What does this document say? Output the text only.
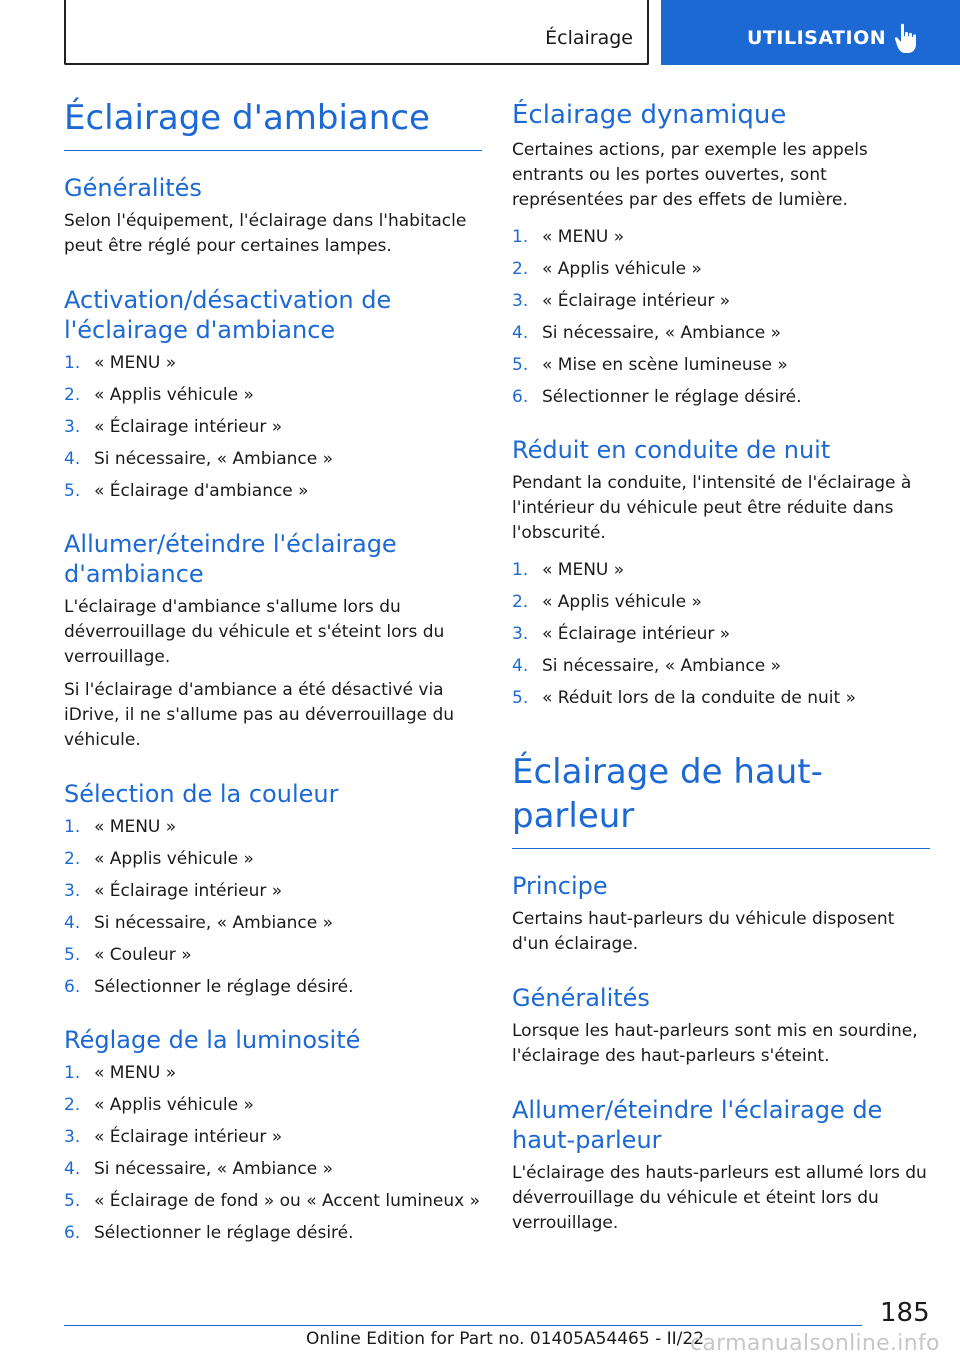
Éclairage	UTILISATION
Éclairage d'ambiance
Généralités

Selon l'équipement, l'éclairage dans l'habitacle peut être réglé pour certaines lampes.

Activation/désactivation de l'éclairage d'ambiance
1. « MENU »
2. « Applis véhicule »
3. « Éclairage intérieur »
4. Si nécessaire, « Ambiance »
5. « Éclairage d'ambiance »
Allumer/éteindre l'éclairage d'ambiance

L'éclairage d'ambiance s'allume lors du déverrouillage du véhicule et s'éteint lors du verrouillage.

Si l'éclairage d'ambiance a été désactivé via iDrive, il ne s'allume pas au déverrouillage du véhicule.

Sélection de la couleur
1. « MENU »
2. « Applis véhicule »
3. « Éclairage intérieur »
4. Si nécessaire, « Ambiance »
5. « Couleur »
6. Sélectionner le réglage désiré.
Réglage de la luminosité
1. « MENU »
2. « Applis véhicule »
3. « Éclairage intérieur »
4. Si nécessaire, « Ambiance »
5. « Éclairage de fond » ou « Accent lumineux »
6. Sélectionner le réglage désiré.
Éclairage dynamique

Certaines actions, par exemple les appels entrants ou les portes ouvertes, sont représentées par des effets de lumière.

1. « MENU »
2. « Applis véhicule »
3. « Éclairage intérieur »
4. Si nécessaire, « Ambiance »
5. « Mise en scène lumineuse »
6. Sélectionner le réglage désiré.
Réduit en conduite de nuit

Pendant la conduite, l'intensité de l'éclairage à l'intérieur du véhicule peut être réduite dans l'obscurité.

1. « MENU »
2. « Applis véhicule »
3. « Éclairage intérieur »
4. Si nécessaire, « Ambiance »
5. « Réduit lors de la conduite de nuit »
Éclairage de haut-parleur
Principe

Certains haut-parleurs du véhicule disposent d'un éclairage.

Généralités

Lorsque les haut-parleurs sont mis en sourdine, l'éclairage des haut-parleurs s'éteint.

Allumer/éteindre l'éclairage de haut-parleur

L'éclairage des hauts-parleurs est allumé lors du déverrouillage du véhicule et éteint lors du verrouillage.

185
Online Edition for Part no. 01405A54465 - II/22
carmanualsonline.info
